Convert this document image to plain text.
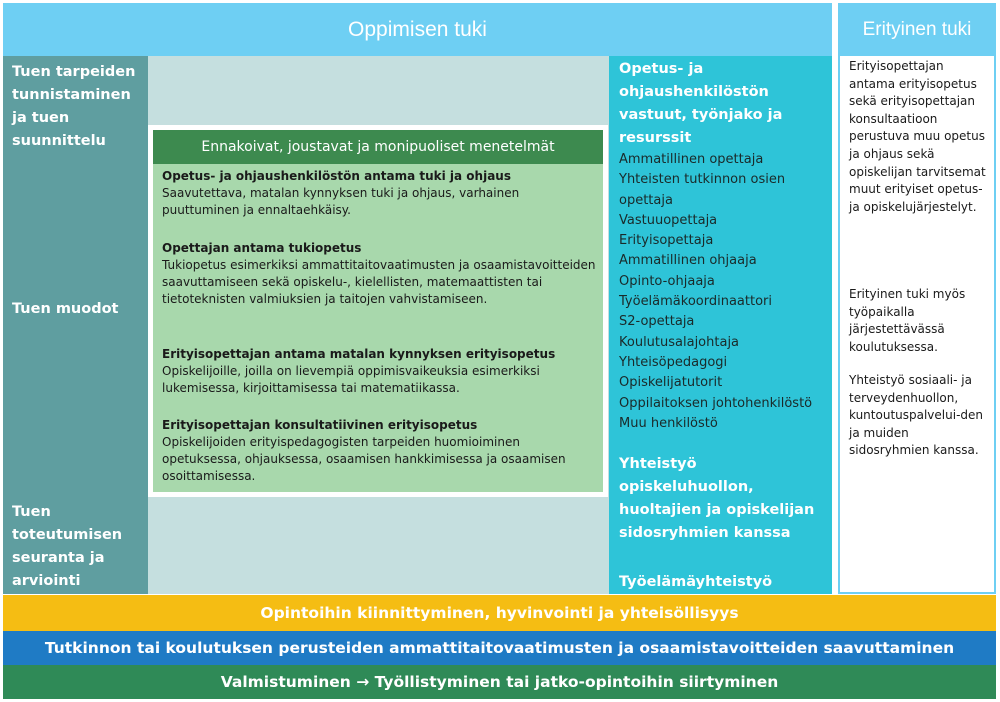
Oppimisen tuki	Erityinen tuki
Tuen tarpeiden tunnistaminen ja tuen suunnittelu
Tuen muodot
Tuen toteutumisen seuranta ja arviointi
Ennakoivat, joustavat ja monipuoliset menetelmät
Opetus- ja ohjaushenkilöstön antama tuki ja ohjaus
Saavutettava, matalan kynnyksen tuki ja ohjaus, varhainen puuttuminen ja ennaltaehkäisy.
Opettajan antama tukiopetus
Tukiopetus esimerkiksi ammattitaitovaatimusten ja osaamistavoitteiden saavuttamiseen sekä opiskelu-, kielellisten, matemaattisten tai tietoteknisten valmiuksien ja taitojen vahvistamiseen.
Erityisopettajan antama matalan kynnyksen erityisopetus
Opiskelijoille, joilla on lievempiä oppimisvaikeuksia esimerkiksi lukemisessa, kirjoittamisessa tai matematiikassa.
Erityisopettajan konsultatiivinen erityisopetus
Opiskelijoiden erityispedagogisten tarpeiden huomioiminen opetuksessa, ohjauksessa, osaamisen hankkimisessa ja osaamisen osoittamisessa.
Opetus- ja ohjaushenkilöstön vastuut, työnjako ja resurssit
Ammatillinen opettaja
Yhteisten tutkinnon osien
opettaja
Vastuuopettaja
Erityisopettaja
Ammatillinen ohjaaja
Opinto-ohjaaja
Työelämäkoordinaattori
S2-opettaja
Koulutusalajohtaja
Yhteisöpedagogi
Opiskelijatutorit
Oppilaitoksen johtohenkilöstö
Muu henkilöstö
Yhteistyö opiskeluhuollon, huoltajien ja opiskelijan sidosryhmien kanssa
Työelämäyhteistyö
Erityisopettajan antama erityisopetus sekä erityisopettajan konsultaatioon perustuva muu opetus ja ohjaus sekä opiskelijan tarvitsemat muut erityiset opetus- ja opiskelujärjestelyt.
Erityinen tuki myös työpaikalla järjestettävässä koulutuksessa.
Yhteistyö sosiaali- ja terveydenhuollon, kuntoutuspalvelui-den ja muiden sidosryhmien kanssa.
Opintoihin kiinnittyminen, hyvinvointi ja yhteisöllisyys
Tutkinnon tai koulutuksen perusteiden ammattitaitovaatimusten ja osaamistavoitteiden saavuttaminen
Valmistuminen → Työllistyminen tai jatko-opintoihin siirtyminen
